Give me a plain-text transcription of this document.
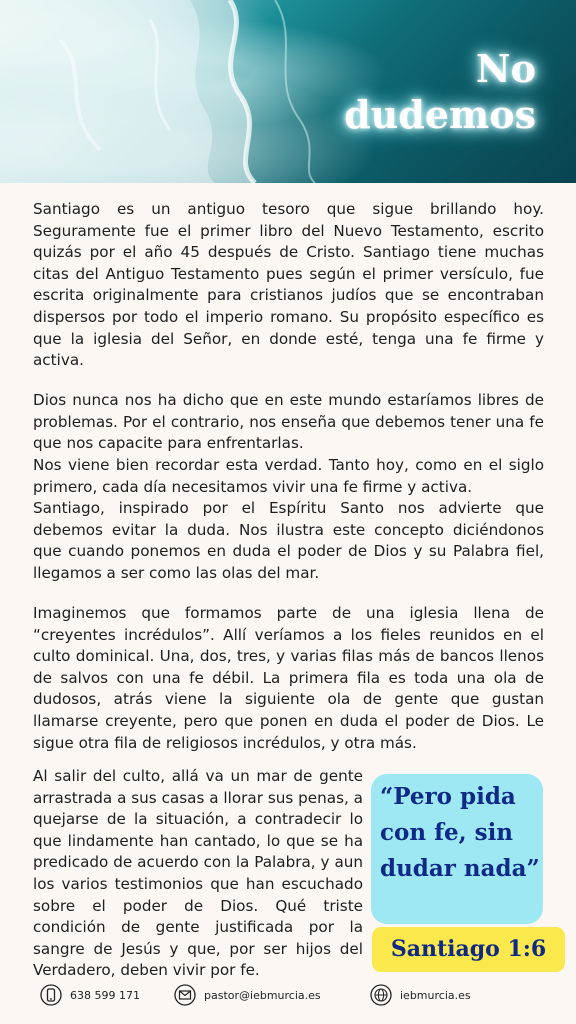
No
dudemos

Santiago es un antiguo tesoro que sigue brillando hoy. Seguramente fue el primer libro del Nuevo Testamento, escrito quizás por el año 45 después de Cristo. Santiago tiene muchas citas del Antiguo Testamento pues según el primer versículo, fue escrita originalmente para cristianos judíos que se encontraban dispersos por todo el imperio romano. Su propósito específico es que la iglesia del Señor, en donde esté, tenga una fe firme y activa.

Dios nunca nos ha dicho que en este mundo estaríamos libres de problemas. Por el contrario, nos enseña que debemos tener una fe que nos capacite para enfrentarlas.

Nos viene bien recordar esta verdad. Tanto hoy, como en el siglo primero, cada día necesitamos vivir una fe firme y activa.

Santiago, inspirado por el Espíritu Santo nos advierte que debemos evitar la duda. Nos ilustra este concepto diciéndonos que cuando ponemos en duda el poder de Dios y su Palabra fiel, llegamos a ser como las olas del mar.

Imaginemos que formamos parte de una iglesia llena de “creyentes incrédulos”. Allí veríamos a los fieles reunidos en el culto dominical. Una, dos, tres, y varias filas más de bancos llenos de salvos con una fe débil. La primera fila es toda una ola de dudosos, atrás viene la siguiente ola de gente que gustan llamarse creyente, pero que ponen en duda el poder de Dios. Le sigue otra fila de religiosos incrédulos, y otra más.

Al salir del culto, allá va un mar de gente arrastrada a sus casas a llorar sus penas, a quejarse de la situación, a contradecir lo que lindamente han cantado, lo que se ha predicado de acuerdo con la Palabra, y aun los varios testimonios que han escuchado sobre el poder de Dios. Qué triste condición de gente justificada por la sangre de Jesús y que, por ser hijos del Verdadero, deben vivir por fe.

“Pero pida con fe, sin dudar nada”

Santiago 1:6
638 599 171	pastor@iebmurcia.es	iebmurcia.es
